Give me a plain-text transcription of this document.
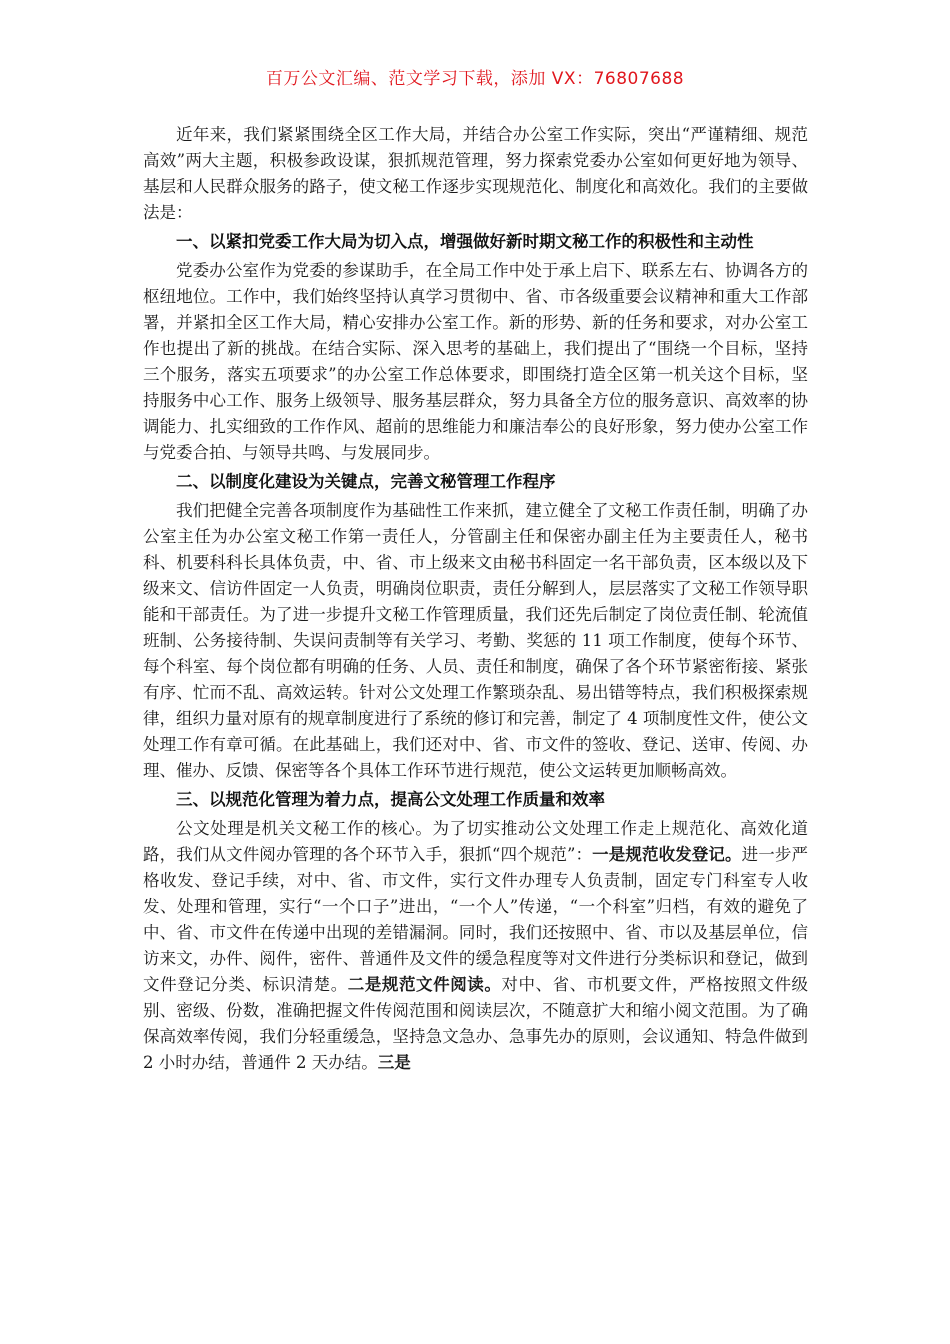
百万公文汇编、范文学习下载，添加 VX：76807688

近年来，我们紧紧围绕全区工作大局，并结合办公室工作实际，突出“严谨精细、规范高效”两大主题，积极参政设谋，狠抓规范管理，努力探索党委办公室如何更好地为领导、基层和人民群众服务的路子，使文秘工作逐步实现规范化、制度化和高效化。我们的主要做法是：

一、以紧扣党委工作大局为切入点，增强做好新时期文秘工作的积极性和主动性

党委办公室作为党委的参谋助手，在全局工作中处于承上启下、联系左右、协调各方的枢纽地位。工作中，我们始终坚持认真学习贯彻中、省、市各级重要会议精神和重大工作部署，并紧扣全区工作大局，精心安排办公室工作。新的形势、新的任务和要求，对办公室工作也提出了新的挑战。在结合实际、深入思考的基础上，我们提出了“围绕一个目标，坚持三个服务，落实五项要求”的办公室工作总体要求，即围绕打造全区第一机关这个目标，坚持服务中心工作、服务上级领导、服务基层群众，努力具备全方位的服务意识、高效率的协调能力、扎实细致的工作作风、超前的思维能力和廉洁奉公的良好形象，努力使办公室工作与党委合拍、与领导共鸣、与发展同步。

二、以制度化建设为关键点，完善文秘管理工作程序

我们把健全完善各项制度作为基础性工作来抓，建立健全了文秘工作责任制，明确了办公室主任为办公室文秘工作第一责任人，分管副主任和保密办副主任为主要责任人，秘书科、机要科科长具体负责，中、省、市上级来文由秘书科固定一名干部负责，区本级以及下级来文、信访件固定一人负责，明确岗位职责，责任分解到人，层层落实了文秘工作领导职能和干部责任。为了进一步提升文秘工作管理质量，我们还先后制定了岗位责任制、轮流值班制、公务接待制、失误问责制等有关学习、考勤、奖惩的 11 项工作制度，使每个环节、每个科室、每个岗位都有明确的任务、人员、责任和制度，确保了各个环节紧密衔接、紧张有序、忙而不乱、高效运转。针对公文处理工作繁琐杂乱、易出错等特点，我们积极探索规律，组织力量对原有的规章制度进行了系统的修订和完善，制定了 4 项制度性文件，使公文处理工作有章可循。在此基础上，我们还对中、省、市文件的签收、登记、送审、传阅、办理、催办、反馈、保密等各个具体工作环节进行规范，使公文运转更加顺畅高效。

三、以规范化管理为着力点，提高公文处理工作质量和效率

公文处理是机关文秘工作的核心。为了切实推动公文处理工作走上规范化、高效化道路，我们从文件阅办管理的各个环节入手，狠抓“四个规范”：一是规范收发登记。进一步严格收发、登记手续，对中、省、市文件，实行文件办理专人负责制，固定专门科室专人收发、处理和管理，实行“一个口子”进出，“一个人”传递，“一个科室”归档，有效的避免了中、省、市文件在传递中出现的差错漏洞。同时，我们还按照中、省、市以及基层单位，信访来文，办件、阅件，密件、普通件及文件的缓急程度等对文件进行分类标识和登记，做到文件登记分类、标识清楚。二是规范文件阅读。对中、省、市机要文件，严格按照文件级别、密级、份数，准确把握文件传阅范围和阅读层次，不随意扩大和缩小阅文范围。为了确保高效率传阅，我们分轻重缓急，坚持急文急办、急事先办的原则，会议通知、特急件做到 2 小时办结，普通件 2 天办结。三是
